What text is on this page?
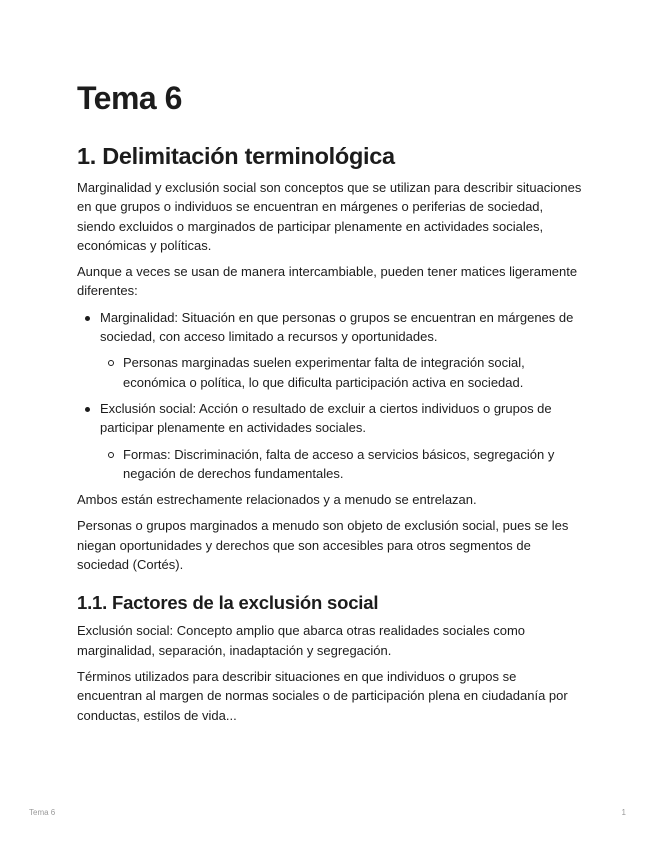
Tema 6
1. Delimitación terminológica

Marginalidad y exclusión social son conceptos que se utilizan para describir situaciones en que grupos o individuos se encuentran en márgenes o periferias de sociedad, siendo excluidos o marginados de participar plenamente en actividades sociales, económicas y políticas.

Aunque a veces se usan de manera intercambiable, pueden tener matices ligeramente diferentes:

Marginalidad: Situación en que personas o grupos se encuentran en márgenes de sociedad, con acceso limitado a recursos y oportunidades.
Personas marginadas suelen experimentar falta de integración social, económica o política, lo que dificulta participación activa en sociedad.
Exclusión social: Acción o resultado de excluir a ciertos individuos o grupos de participar plenamente en actividades sociales.
Formas: Discriminación, falta de acceso a servicios básicos, segregación y negación de derechos fundamentales.

Ambos están estrechamente relacionados y a menudo se entrelazan.

Personas o grupos marginados a menudo son objeto de exclusión social, pues se les niegan oportunidades y derechos que son accesibles para otros segmentos de sociedad (Cortés).

1.1. Factores de la exclusión social

Exclusión social: Concepto amplio que abarca otras realidades sociales como marginalidad, separación, inadaptación y segregación.

Términos utilizados para describir situaciones en que individuos o grupos se encuentran al margen de normas sociales o de participación plena en ciudadanía por conductas, estilos de vida...

Tema 6	1
